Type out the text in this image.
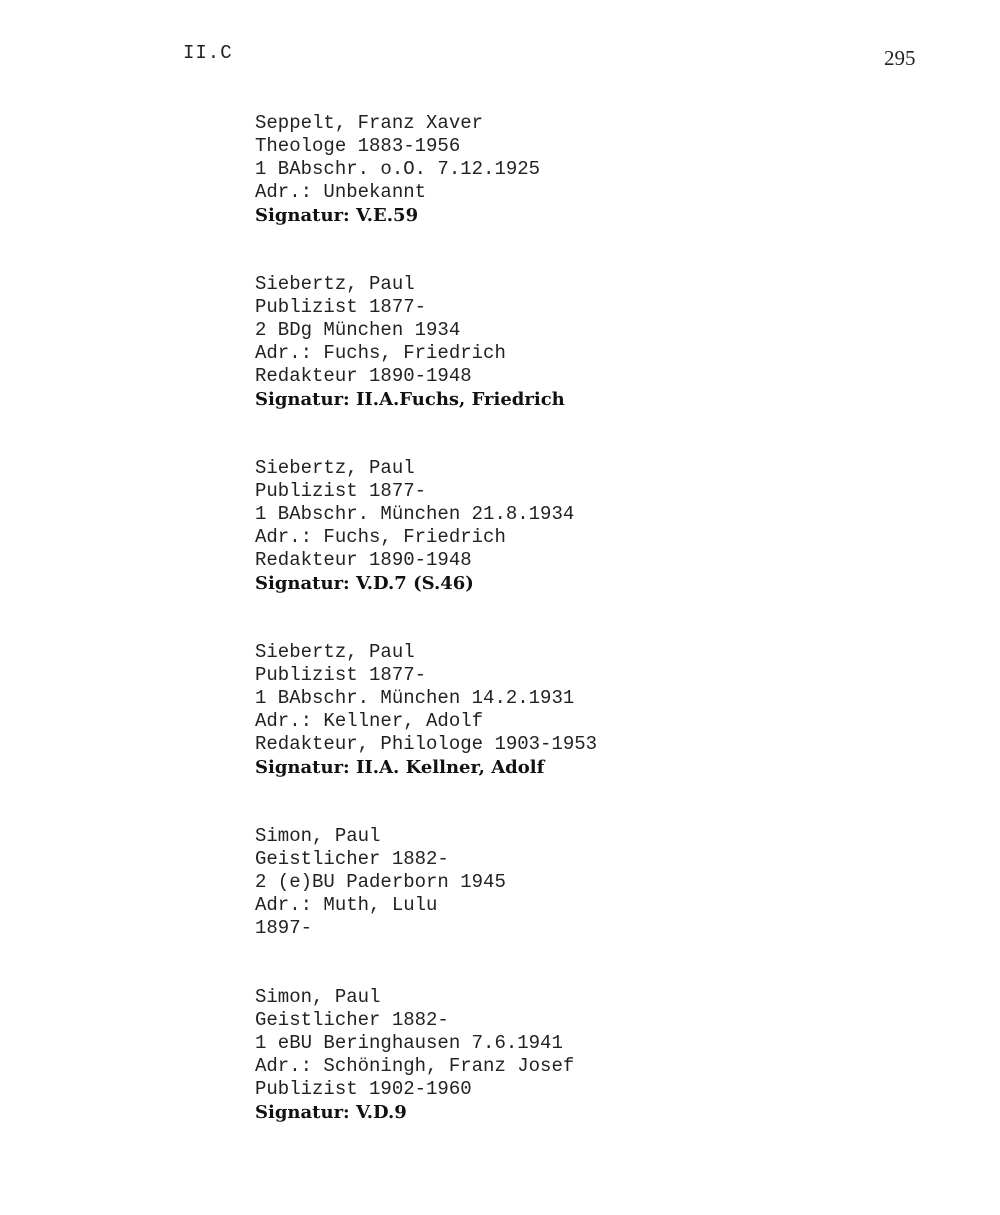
II.C	295
Seppelt, Franz Xaver
Theologe 1883-1956
1 BAbschr. o.O. 7.12.1925
Adr.: Unbekannt
Signatur: V.E.59
Siebertz, Paul
Publizist 1877-
2 BDg München 1934
Adr.: Fuchs, Friedrich
Redakteur 1890-1948
Signatur: II.A.Fuchs, Friedrich
Siebertz, Paul
Publizist 1877-
1 BAbschr. München 21.8.1934
Adr.: Fuchs, Friedrich
Redakteur 1890-1948
Signatur: V.D.7 (S.46)
Siebertz, Paul
Publizist 1877-
1 BAbschr. München 14.2.1931
Adr.: Kellner, Adolf
Redakteur, Philologe 1903-1953
Signatur: II.A. Kellner, Adolf
Simon, Paul
Geistlicher 1882-
2 (e)BU Paderborn 1945
Adr.: Muth, Lulu
1897-
Simon, Paul
Geistlicher 1882-
1 eBU Beringhausen 7.6.1941
Adr.: Schöningh, Franz Josef
Publizist 1902-1960
Signatur: V.D.9
